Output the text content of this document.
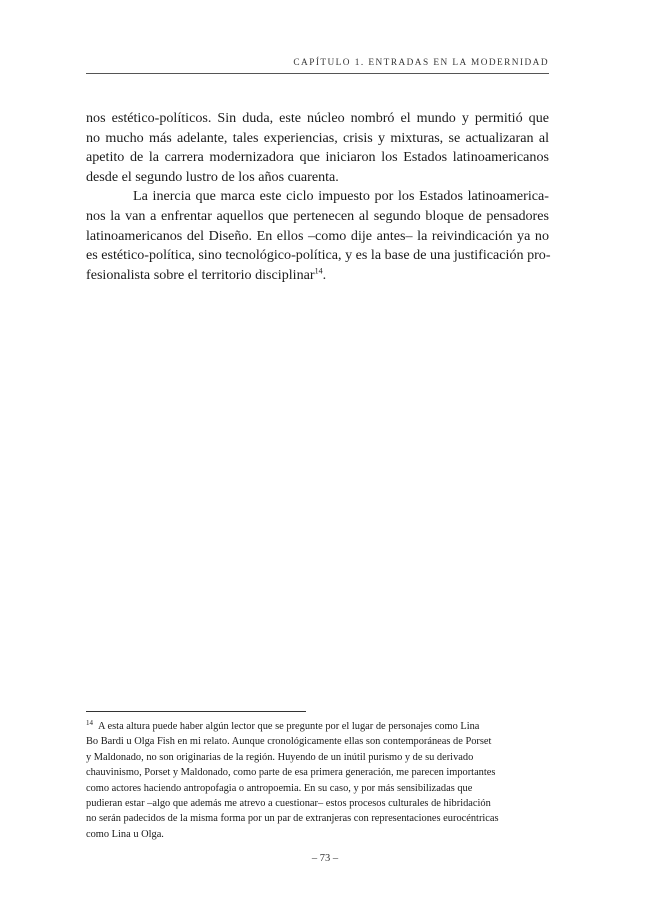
CAPÍTULO 1. ENTRADAS EN LA MODERNIDAD
nos estético-políticos. Sin duda, este núcleo nombró el mundo y permitió que
no mucho más adelante, tales experiencias, crisis y mixturas, se actualizaran al
apetito de la carrera modernizadora que iniciaron los Estados latinoamericanos
desde el segundo lustro de los años cuarenta.
La inercia que marca este ciclo impuesto por los Estados latinoamerica-
nos la van a enfrentar aquellos que pertenecen al segundo bloque de pensadores
latinoamericanos del Diseño. En ellos –como dije antes– la reivindicación ya no
es estético-política, sino tecnológico-política, y es la base de una justificación pro-
fesionalista sobre el territorio disciplinar$^{14}$.
$^{14}$ A esta altura puede haber algún lector que se pregunte por el lugar de personajes como Lina
Bo Bardi u Olga Fish en mi relato. Aunque cronológicamente ellas son contemporáneas de Porset
y Maldonado, no son originarias de la región. Huyendo de un inútil purismo y de su derivado
chauvinismo, Porset y Maldonado, como parte de esa primera generación, me parecen importantes
como actores haciendo antropofagia o antropoemia. En su caso, y por más sensibilizadas que
pudieran estar –algo que además me atrevo a cuestionar– estos procesos culturales de hibridación
no serán padecidos de la misma forma por un par de extranjeras con representaciones eurocéntricas
como Lina u Olga.
– 73 –
